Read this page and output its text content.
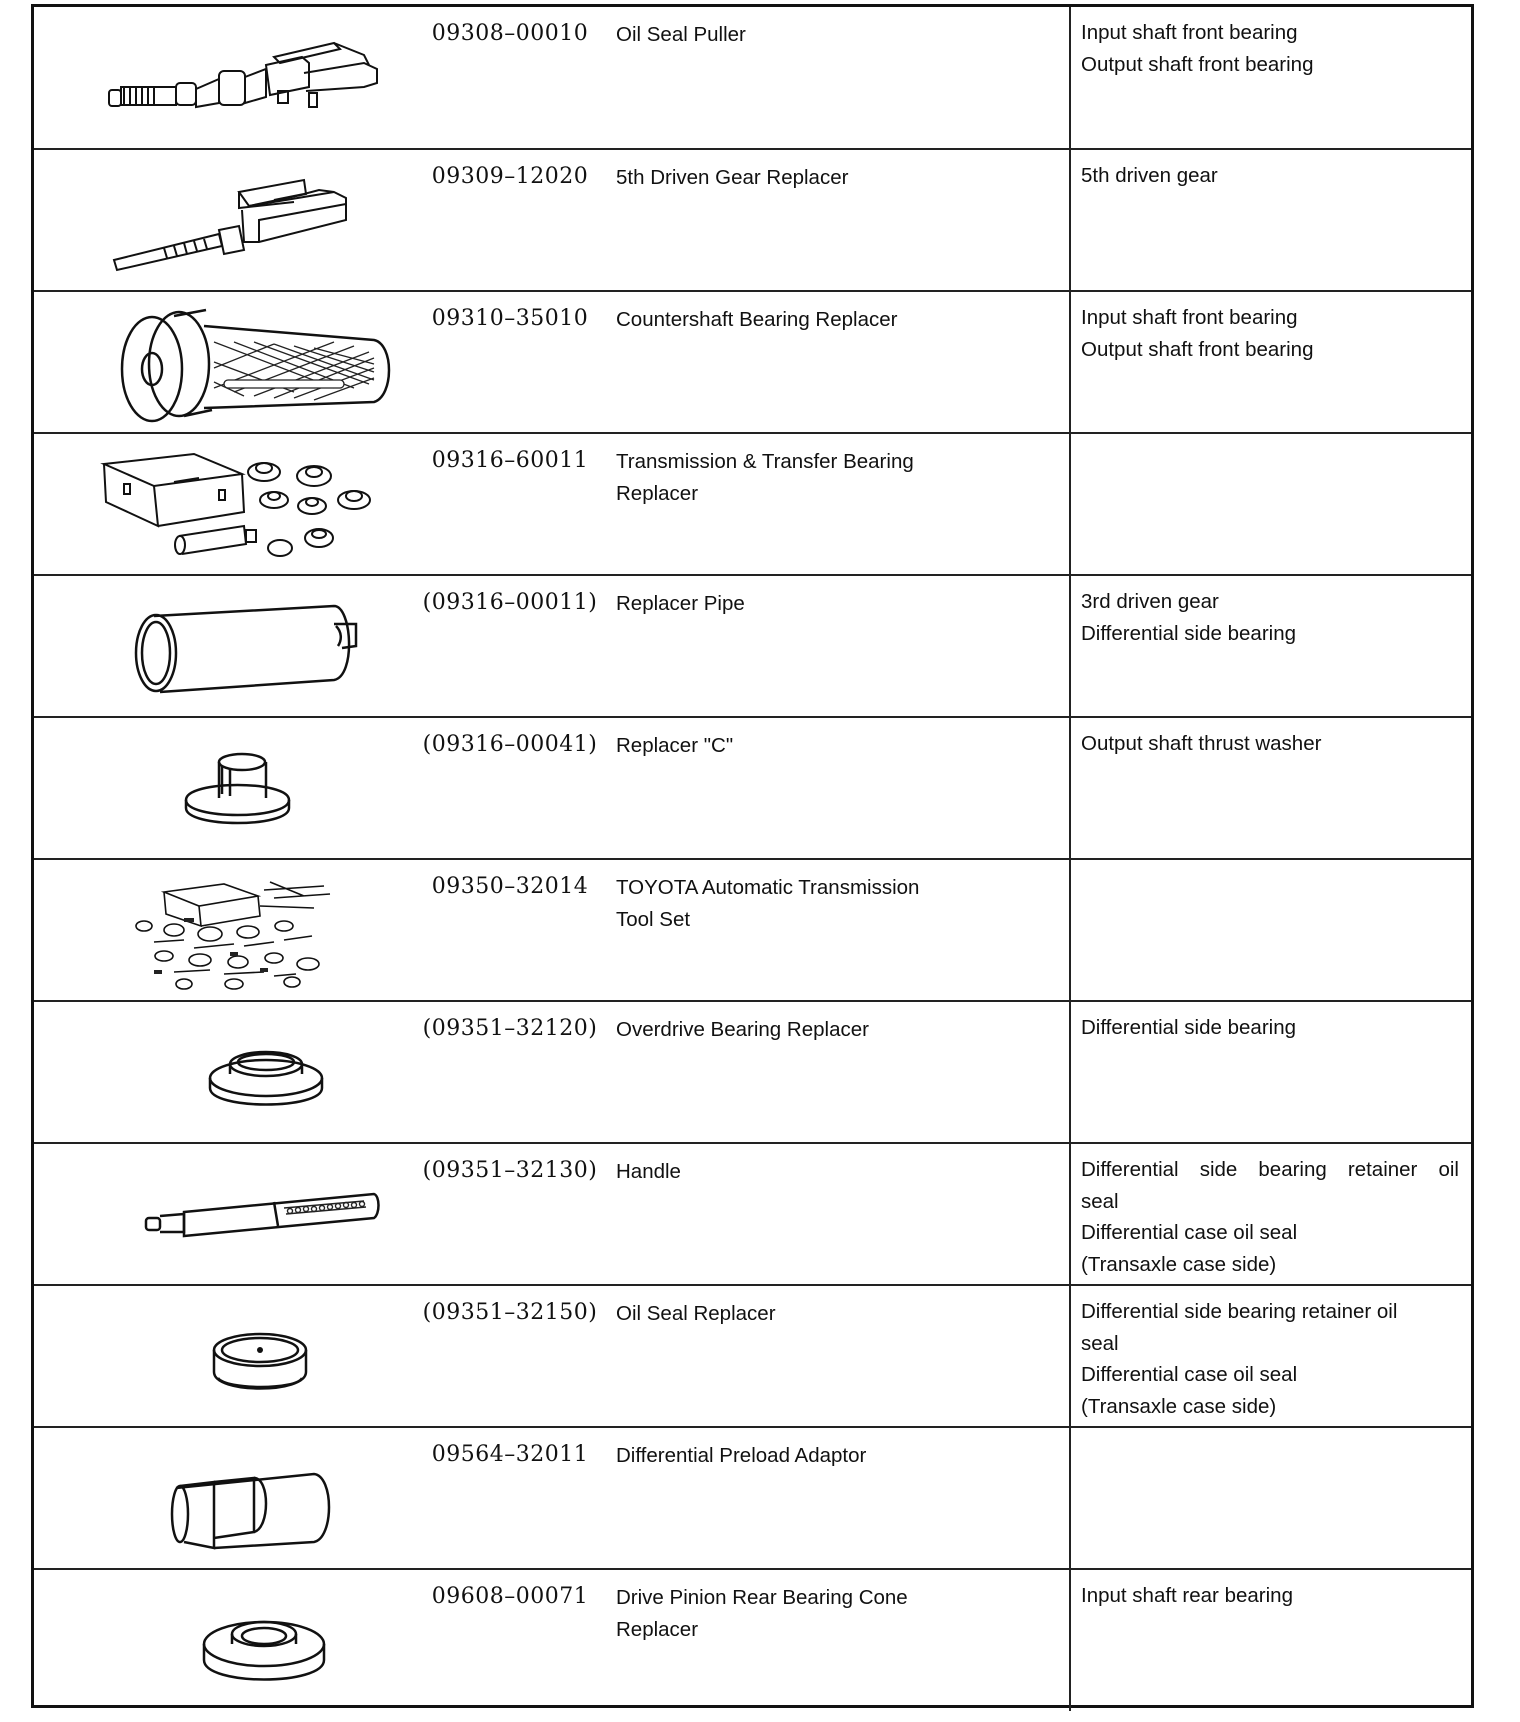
	09308–00010	Oil Seal Puller	Input shaft front bearing
Output shaft front bearing

	09309–12020	5th Driven Gear Replacer	5th driven gear

	09310–35010	Countershaft Bearing Replacer	Input shaft front bearing
Output shaft front bearing

	09316–60011	Transmission & Transfer Bearing
Replacer	

	(09316–00011)	Replacer Pipe	3rd driven gear
Differential side bearing

	(09316–00041)	Replacer "C"	Output shaft thrust washer

	09350–32014	TOYOTA Automatic Transmission
Tool Set	

	(09351–32120)	Overdrive Bearing Replacer	Differential side bearing

	(09351–32130)	Handle	Differential side bearing retainer oil
seal
Differential case oil seal
(Transaxle case side)

	(09351–32150)	Oil Seal Replacer	Differential side bearing retainer oil
seal
Differential case oil seal
(Transaxle case side)

	09564–32011	Differential Preload Adaptor	

	09608–00071	Drive Pinion Rear Bearing Cone
Replacer	Input shaft rear bearing
